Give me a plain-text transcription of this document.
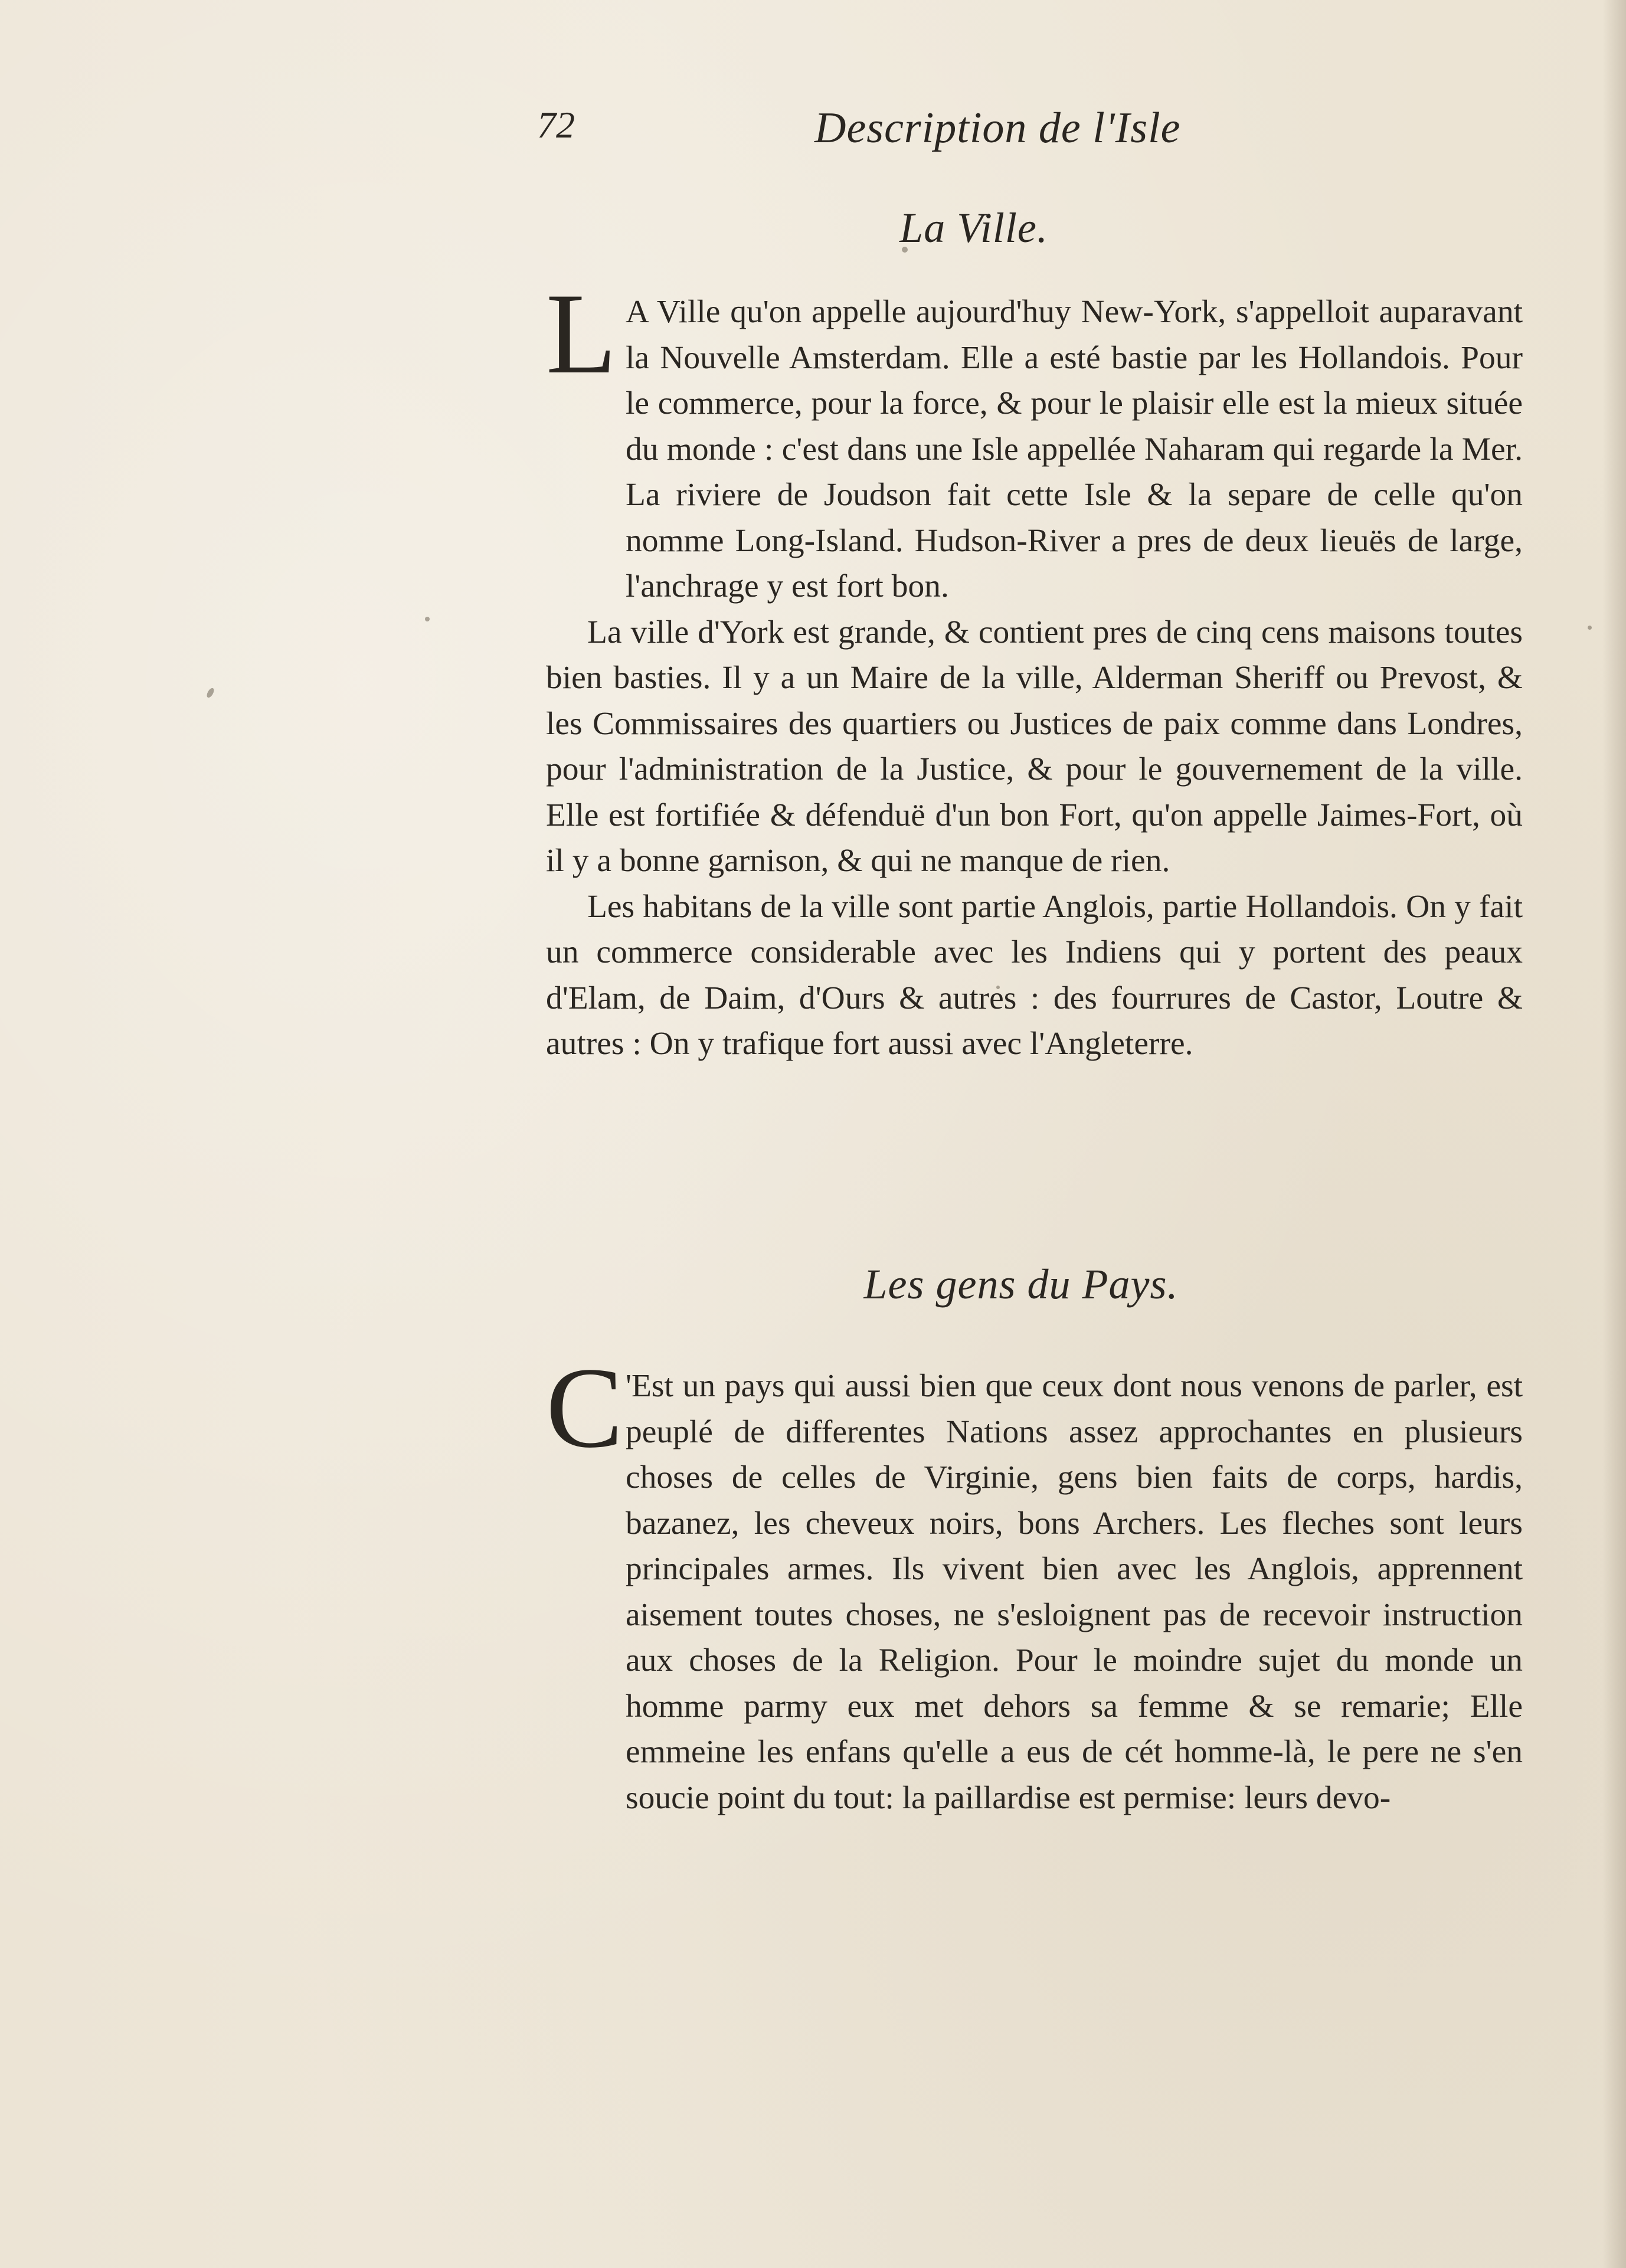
72	Description de l'Isle
La Ville.

L A Ville qu'on appelle aujourd'huy New-York, s'appelloit auparavant la Nouvelle Amsterdam. Elle a esté bastie par les Hollandois. Pour le commerce, pour la force, & pour le plaisir elle est la mieux située du monde : c'est dans une Isle appellée Naharam qui regarde la Mer. La riviere de Joudson fait cette Isle & la separe de celle qu'on nomme Long-Island. Hudson-River a pres de deux lieuës de large, l'anchrage y est fort bon.

La ville d'York est grande, & contient pres de cinq cens maisons toutes bien basties. Il y a un Maire de la ville, Alderman Sheriff ou Prevost, & les Commissaires des quartiers ou Justices de paix comme dans Londres, pour l'administration de la Justice, & pour le gouvernement de la ville. Elle est fortifiée & défenduë d'un bon Fort, qu'on appelle Jaimes-Fort, où il y a bonne garnison, & qui ne manque de rien.

Les habitans de la ville sont partie Anglois, partie Hollandois. On y fait un commerce considerable avec les Indiens qui y portent des peaux d'Elam, de Daim, d'Ours & autres : des fourrures de Castor, Loutre & autres : On y trafique fort aussi avec l'Angleterre.

Les gens du Pays.

C 'Est un pays qui aussi bien que ceux dont nous venons de parler, est peuplé de differentes Nations assez approchantes en plusieurs choses de celles de Virginie, gens bien faits de corps, hardis, bazanez, les cheveux noirs, bons Archers. Les fleches sont leurs principales armes. Ils vivent bien avec les Anglois, apprennent aisement toutes choses, ne s'esloignent pas de recevoir instruction aux choses de la Religion. Pour le moindre sujet du monde un homme parmy eux met dehors sa femme & se remarie; Elle emmeine les enfans qu'elle a eus de cét homme-là, le pere ne s'en soucie point du tout: la paillardise est permise: leurs devo-
